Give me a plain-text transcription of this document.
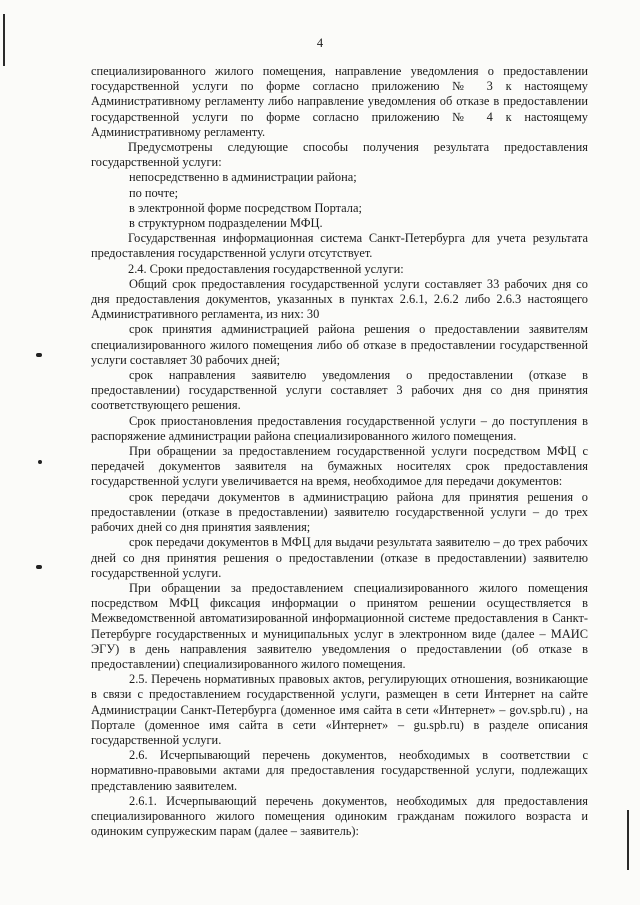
4

специализированного жилого помещения, направление уведомления о предоставлении государственной услуги по форме согласно приложению № 3 к настоящему Административному регламенту либо направление уведомления об отказе в предоставлении государственной услуги по форме согласно приложению № 4 к настоящему Административному регламенту.

Предусмотрены следующие способы получения результата предоставления государственной услуги:

непосредственно в администрации района;

по почте;

в электронной форме посредством Портала;

в структурном подразделении МФЦ.

Государственная информационная система Санкт-Петербурга для учета результата предоставления государственной услуги отсутствует.

2.4. Сроки предоставления государственной услуги:

Общий срок предоставления государственной услуги составляет 33 рабочих дня со дня предоставления документов, указанных в пунктах 2.6.1, 2.6.2 либо 2.6.3 настоящего Административного регламента, из них: 30

срок принятия администрацией района решения о предоставлении заявителям специализированного жилого помещения либо об отказе в предоставлении государственной услуги составляет 30 рабочих дней;

срок направления заявителю уведомления о предоставлении (отказе в предоставлении) государственной услуги составляет 3 рабочих дня со дня принятия соответствующего решения.

Срок приостановления предоставления государственной услуги – до поступления в распоряжение администрации района специализированного жилого помещения.

При обращении за предоставлением государственной услуги посредством МФЦ с передачей документов заявителя на бумажных носителях срок предоставления государственной услуги увеличивается на время, необходимое для передачи документов:

срок передачи документов в администрацию района для принятия решения о предоставлении (отказе в предоставлении) заявителю государственной услуги – до трех рабочих дней со дня принятия заявления;

срок передачи документов в МФЦ для выдачи результата заявителю – до трех рабочих дней со дня принятия решения о предоставлении (отказе в предоставлении) заявителю государственной услуги.

При обращении за предоставлением специализированного жилого помещения посредством МФЦ фиксация информации о принятом решении осуществляется в Межведомственной автоматизированной информационной системе предоставления в Санкт-Петербурге государственных и муниципальных услуг в электронном виде (далее – МАИС ЭГУ) в день направления заявителю уведомления о предоставлении (об отказе в предоставлении) специализированного жилого помещения.

2.5. Перечень нормативных правовых актов, регулирующих отношения, возникающие в связи с предоставлением государственной услуги, размещен в сети Интернет на сайте Администрации Санкт-Петербурга (доменное имя сайта в сети «Интернет» – gov.spb.ru) , на Портале (доменное имя сайта в сети «Интернет» – gu.spb.ru) в разделе описания государственной услуги.

2.6. Исчерпывающий перечень документов, необходимых в соответствии с нормативно-правовыми актами для предоставления государственной услуги, подлежащих представлению заявителем.

2.6.1. Исчерпывающий перечень документов, необходимых для предоставления специализированного жилого помещения одиноким гражданам пожилого возраста и одиноким супружеским парам (далее – заявитель):
